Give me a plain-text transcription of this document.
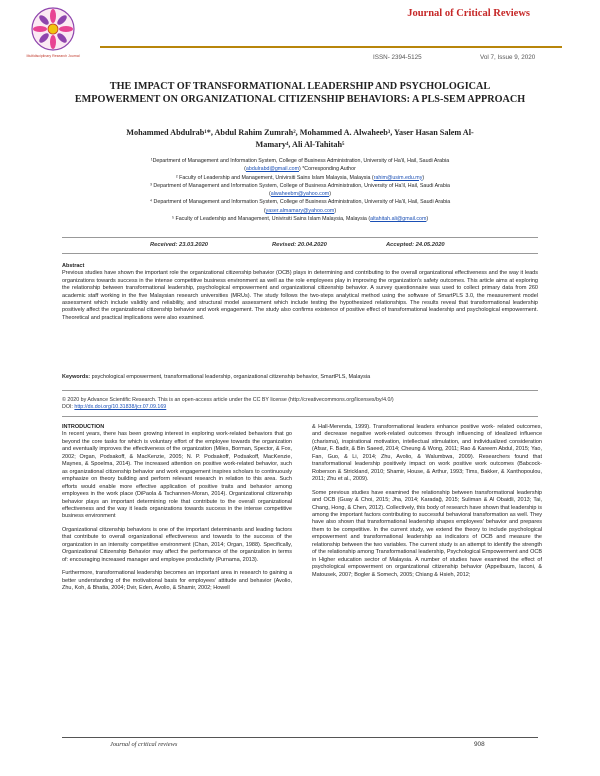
Multidisciplinary Research Journal
Journal of Critical Reviews
ISSN- 2394-5125	Vol 7, Issue 9, 2020
THE IMPACT OF TRANSFORMATIONAL LEADERSHIP AND PSYCHOLOGICAL EMPOWERMENT ON ORGANIZATIONAL CITIZENSHIP BEHAVIORS: A PLS-SEM APPROACH
Mohammed Abdulrab¹*, Abdul Rahim Zumrah², Mohammed A. Alwaheeb³, Yaser Hasan Salem Al-
Mamary⁴, Ali Al-Tahitah⁵
¹Department of Management and Information System, College of Business Administration, University of Ha'il, Hail, Saudi Arabia
(abdulrabd@gmail.com) *Corresponding Author
² Faculty of Leadership and Management, Univirsiti Sains Islam Malaysia, Malaysia (rahim@usim.edu.my)
³ Department of Management and Information System, College of Business Administration, University of Ha'il, Hail, Saudi Arabia
(alwaheebm@yahoo.com)
⁴ Department of Management and Information System, College of Business Administration, University of Ha'il, Hail, Saudi Arabia
(yaser.almamary@yahoo.com)
⁵ Faculty of Leadership and Management, Univirsiti Sains Islam Malaysia, Malaysia (altahitah.ali@gmail.com)
Received: 23.03.2020	Revised: 20.04.2020	Accepted: 24.05.2020
Abstract
Previous studies have shown the important role the organizational citizenship behavior (OCB) plays in determining and contributing to the overall organizational effectiveness and the way it leads organizations towards success in the intense competitive business environment as well as the role employees play in improving the organization's safety outcomes. This article aims at exploring the relationship between transformational leadership, psychological empowerment and organizational citizenship behavior. A survey questionnaire was used to collect primary data from 260 academic staff working in the five Malaysian research universities (MRUs). The study follows the two-steps analytical method using the software of SmartPLS 3.0, the measurement model assessment which include validity and reliability, and structural model assessment which include testing the hypothesized relationships. The results reveal that transformational leadership positively affect the organizational citizenship behavior and work engagement. The study also confirms existence of positive effect of transformational leadership and psychological empowerment. Theoretical and practical implications were also examined.
Keywords: psychological empowerment, transformational leadership, organizational citizenship behavior, SmartPLS, Malaysia
© 2020 by Advance Scientific Research. This is an open-access article under the CC BY license (http://creativecommons.org/licenses/by/4.0/)
DOI: http://dx.doi.org/10.31838/jcr.07.09.169
INTRODUCTION

In recent years, there has been growing interest in exploring work-related behaviors that go beyond the core tasks for which is voluntary effort of the employee towards the organization and eventually improves the effectiveness of the organization (Miles, Borman, Spector, & Fox, 2002; Organ, Podsakoff, & MacKenzie, 2005; N. P. Podsakoff, Podsakoff, MacKenzie, Maynes, & Spoelma, 2014). The increased attention on positive work-related behavior, such as organizational citizenship behavior and work engagement inspires scholars to continuously emphasize on theory building and perform relevant research in relation to this area. Such efforts would enable more effective application of positive traits and behavior among employees in the work place (DiPaola & Tschannen-Moran, 2014). Organizational citizenship behavior plays an important determining role that contribute to the overall organizational effectiveness and the way it leads organizations towards success in the intense competitive business environment

Organizational citizenship behaviors is one of the important determinants and leading factors that contribute to overall organizational effectiveness and towards to the success of the organization in an intensity competitive environment (Chan, 2014; Organ, 1988). Specifically, Organizational Citizenship Behavior may affect the performance of the organization in terms of: encouraging increased manager and employee productivity (Purnama, 2013).

Furthermore, transformational leadership becomes an important area in research to gaining a better understanding of the motivational basis for employees' attitude and behavior (Avolio, Zhu, Koh, & Bhatia, 2004; Dvir, Eden, Avolio, & Shamir, 2002; Howell

& Hall-Merenda, 1999). Transformational leaders enhance positive work- related outcomes, and decrease negative work-related outcomes through influencing of idealized influence (charisma), inspirational motivation, intellectual stimulation, and individualized consideration (Afsar, F. Badir, & Bin Saeed, 2014; Cheung & Wong, 2011; Rao & Kareem Abdul, 2015; Yao, Fan, Guo, & Li, 2014; Zhu, Avolio, & Walumbwa, 2009). Researchers found that transformational leadership positively impact on work positive work outcomes (Babcock-Roberson & Strickland, 2010; Shamir, House, & Arthur, 1993; Tims, Bakker, & Xanthopoulou, 2011; Zhu et al., 2009).

Some previous studies have examined the relationship between transformational leadership and OCB (Guay & Choi, 2015; Jha, 2014; Karadağ, 2015; Suliman & Al Obaidli, 2013; Tai, Chang, Hong, & Chen, 2012). Collectively, this body of research have shown that leadership is among the important factors contributing to successful behavioral transformation as well. They have also shown that transformational leadership shapes employees' behavior and prepares them to be competitive. In the current study, we extend the theory to include psychological empowerment and transformational leadership as indicators of OCB and measure the relationship between the two variables. The current study is an attempt to identify the strength of the relationship among Transformational leadership, Psychological Empowerment and OCB in Higher education sector of Malaysia. A number of studies have examined the effect of psychological empowerment on organizational citizenship behavior (Appelbaum, Iaconi, & Matousek, 2007; Bogler & Somech, 2005; Chiang & Hsieh, 2012;

Journal of critical reviews	908
